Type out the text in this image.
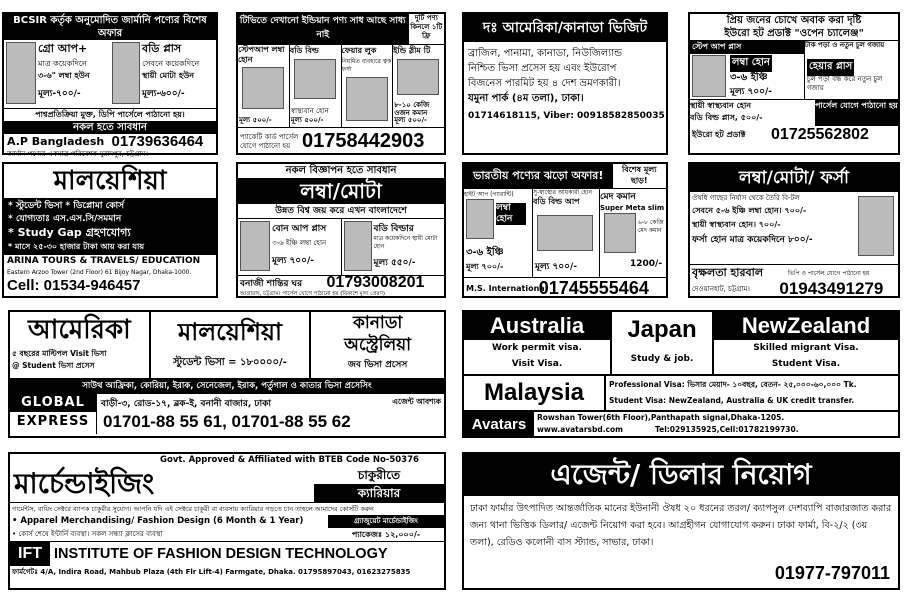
BCSIR কর্তৃক অনুমোদিত জার্মানি পণ্যের বিশেষ অফার
গ্রো আপ+
মাত্র কয়েকদিনে
৩-৬" লম্বা হউন
মূল্য-৭০০/-
বডি প্লাস
সেবনে কয়েকদিনে
স্থায়ী মোটা হউন
মূল্য-৬০০/-
পাশ্বপ্রতিক্রিয়া মুক্ত, ডিপি পার্সেলে পাঠানো হয়।
নকল হতে সাবধান
A.P Bangladesh 01739636464
জার্মান পণ্যের একমাত্র পরিবেশক মুরাদপুর, চট্টগ্রাম।
টিভিতে দেখানো ইন্ডিয়ান পণ্য সাধ আছে সাধ্য নাই
দুটি পণ্য কিনলে ১টি ফ্রি
স্টেপআপ লম্বা হোন
মূল্য ৫০০/-
বডি বিল্ড
স্বাস্থ্যবান হোন
মূল্য ৫০০/-
ফেয়ার লুক
নিয়মিত ব্যবহারে ত্বক ফর্সা
ইন্ডি স্লীম টি
৮-১০ কেজি ওজন কমান
মূল্য ৫০০/-
প্যাকেটি কার্ড পার্সেল যোগে পাঠানো হয় 01758442903
দঃ আমেরিকা/কানাডা ভিজিট
ব্রাজিল, পানামা, কানাডা, নিউজিল্যান্ড
নিশ্চিত ভিসা প্রসেস হয় এবং ইউরোপ
বিজনেস পারমিট হয় ৪ দেশ ভ্রমণকারী।
যমুনা পার্ক (৪ম তলা), ঢাকা।
01714618115, Viber: 00918582850035
প্রিয় জনের চোখে অবাক করা দৃষ্টি
ইউরো হট প্রডাক্ট "ওপেন চ্যালেঞ্জ"
স্টেপ আপ প্লাস
লম্বা হোন
৩-৬ ইঞ্চি
মূল্য ৭০০/-
টাক পড়া ও নতুন চুল গজায়
হেয়ার প্লাস
চুল পড়া বন্ধ করে নতুন চুল গজায়
স্থায়ী স্বাস্থ্যবান হোন
বডি বিল্ড প্লাস, ৫০০/-
পার্সেল যোগে পাঠানো হয়
ইউরো হট প্রডাক্ট	01725562802
মালয়েশিয়া
* স্টুডেন্ট ভিসা * ডিপ্লোমা কোর্স
* যোগ্যতাঃ এস.এস.সি/সমমান
* Study Gap গ্রহণযোগ্য
* মাসে ২৫-৩০ হাজার টাকা আয় করা যায়
ARINA TOURS & TRAVELS/ EDUCATION
Eastern Arzoo Tower (2nd Floor) 61 Bijoy Nagar, Dhaka-1000.
Cell: 01534-946457
নকল বিজ্ঞাপন হতে সাবধান
লম্বা/মোটা
উন্নত বিশ্ব জয় করে এখন বাংলাদেশে
বোন আপ প্লাস
৩-৬ ইঞ্চি লম্বা হোন
মূল্য ৭০০/-
বডি বিল্ডার
মাত্র কয়েকদিনে স্থায়ী মোটা হোন
মূল্য ৫৫০/-
বনাজী শান্তির ঘর	01793008201
আগ্রাবাদ, চট্টগ্রাম। পার্সেল যোগে পাঠানো হয় (বিকাশে মূল্য প্রেরণ)
ভারতীয় পণ্যের ঝড়ো অফার!	বিশেষ মূল্য ছাড়!
হাইট আপ (গ্যারান্টি)
লম্বা হোন
৩-৬ ইঞ্চি
মূল্য ৭০০/-
সু-স্বাস্থ্যের অধিকারী হোন
বডি বিল্ড আপ
মূল্য ৭০০/-
মেদ কমান
Super Meta slim
৬-৮ কেজি মেদ কমান
1200/-
M.S. International
01745555464
লম্বা/মোটা/ ফর্সা
ঔষধি গাছের নির্যাস থেকে তৈরি বি-টল
সেবনে ৫-৬ ইঞ্চি লম্বা হোন। ৭০০/-
স্থায়ী স্বাস্থ্যবান হোন। ৭০০/-
ফর্সা হোন মাত্র কয়েকদিনে ৮০০/-
বৃক্ষলতা হারবাল	ভিপি ও পার্সেল যোগে পাঠানো হয়
দেওয়ানহাট, চট্টগ্রাম।	01943491279
আমেরিকা
৫ বছরের মাল্টিপল Visit ভিসা
@ Student ভিসা প্রসেস
মালয়েশিয়া
স্টুডেন্ট ভিসা = ১৮০০০০/-
কানাডা
অস্ট্রেলিয়া
জব ভিসা প্রসেস
সাউথ আফ্রিকা, কোরিয়া, ইরাক, সেনেজেল, ইরাক, পর্তুগাল ও কাতার ভিসা প্রসেসিং
GLOBAL
EXPRESS
বাড়ী-৩, রোড-১৭, ব্লক-ই, বনানী বাজার, ঢাকা	এজেন্ট আবশ্যক
01701-88 55 61, 01701-88 55 62
Australia
Work permit visa.
Visit Visa.
Japan
Study & job.
NewZealand
Skilled migrant Visa.
Student Visa.
Malaysia	Professional Visa: ভিসার মেয়াদ- ১০বছর, বেতন- ২৫,০০০-৬০,০০০ Tk.
Student Visa: NewZealand, Australia & UK credit transfer.
Avatars	Rowshan Tower(6th Floor),Panthapath signal,Dhaka-1205.
www.avatarsbd.com	Tel:029135925,Cell:01782199730.
Govt. Approved & Affiliated with BTEB Code No-50376
মার্চেন্ডাইজিং	চাকুরীতে
ক্যারিয়ার
গার্মেন্টস, বায়িং সেক্টরে ব্যাপক চাকুরীর সুযোগ। আপনি যদি এই সেক্টরে চাকুরী বা ব্যবসায় ক্যারিয়ার গড়তে চান তাহলে আমাদের কোর্সটি করুন
• Apparel Merchandising/ Fashion Design (6 Month & 1 Year)	গ্র্যাজুয়েট মার্চেন্ডাইজিং
• কোর্স শেষে ইন্টার্নি ব্যবস্থা। সকল সন্ধ্যা ক্লাসের ব্যবস্থা	প্যাকেজঃ ১২,০০০/-
IFT INSTITUTE OF FASHION DESIGN TECHNOLOGY
ফার্মগেটঃ 4/A, Indira Road, Mahbub Plaza (4th Flr Lift-4) Farmgate, Dhaka. 01795897043, 01623275835
এজেন্ট/ ডিলার নিয়োগ
ঢাকা ফার্মার উৎপাদিত আন্তর্জাতিক মানের ইউনানী ঔষধ ২০ ধরনের তরল/ ক্যাপসুল দেশব্যাপি বাজারজাত করার জন্য থানা ভিত্তিক ডিলার/ এজেন্ট নিয়োগ করা হবে। আগ্রহীগন যোগাযোগ করুন। ঢাকা ফার্মা, বি-২/২ (৩য় তলা), রেডিও কলোনী বাস স্ট্যান্ড, সাভার, ঢাকা।
01977-797011
